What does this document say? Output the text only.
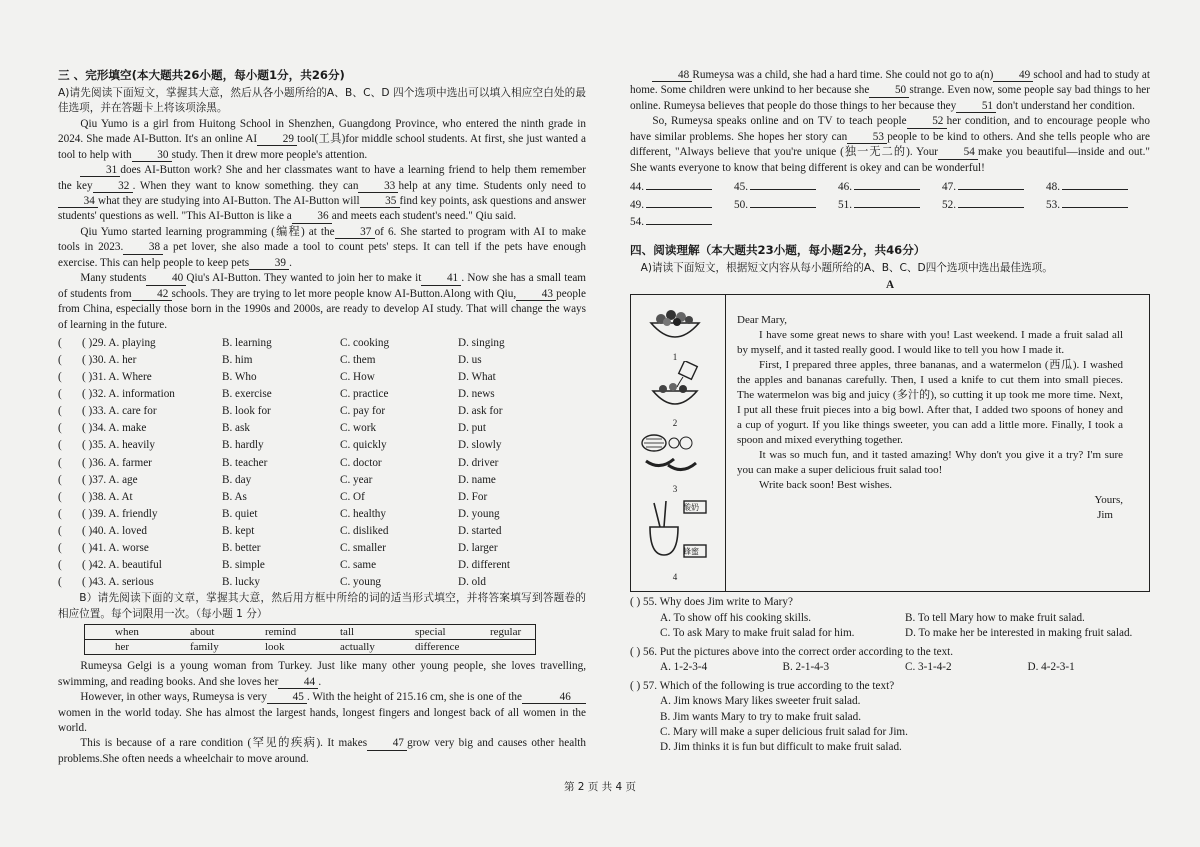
三 、完形填空(本大题共26小题，每小题1分，共26分)

A)请先阅读下面短文，掌握其大意，然后从各小题所给的A、B、C、D 四个选项中选出可以填入相应空白处的最佳选项，并在答题卡上将该项涂黑。

Qiu Yumo is a girl from Huitong School in Shenzhen, Guangdong Province, who entered the ninth grade in 2024. She made AI-Button. It's an online AI 29 tool(工具)for middle school students. At first, she just wanted a tool to help with 30 study. Then it drew more people's attention.

31 does AI-Button work? She and her classmates want to have a learning friend to help them remember the key 32 . When they want to know something. they can 33 help at any time. Students only need to34 what they are studying into AI-Button. The AI-Button will 35 find key points, ask questions and answer students' questions as well. "This AI-Button is like a 36 and meets each student's need." Qiu said.

Qiu Yumo started learning programming (编程) at the 37 of 6. She started to program with AI to make tools in 2023. 38 a pet lover, she also made a tool to count pets' steps. It can tell if the pets have enough exercise. This can help people to keep pets 39 .

Many students 40 Qiu's AI-Button. They wanted to join her to make it 41 . Now she has a small team of students from 42 schools. They are trying to let more people know AI-Button.Along with Qiu, 43 people from China, especially those born in the 1990s and 2000s, are ready to develop AI study. That will change the ways of learning in the future.

(	( )29. A. playing	B. learning	C. cooking	D. singing
(	( )30. A. her	B. him	C. them	D. us
(	( )31. A. Where	B. Who	C. How	D. What
(	( )32. A. information	B. exercise	C. practice	D. news
(	( )33. A. care for	B. look for	C. pay for	D. ask for
(	( )34. A. make	B. ask	C. work	D. put
(	( )35. A. heavily	B. hardly	C. quickly	D. slowly
(	( )36. A. farmer	B. teacher	C. doctor	D. driver
(	( )37. A. age	B. day	C. year	D. name
(	( )38. A. At	B. As	C. Of	D. For
(	( )39. A. friendly	B. quiet	C. healthy	D. young
(	( )40. A. loved	B. kept	C. disliked	D. started
(	( )41. A. worse	B. better	C. smaller	D. larger
(	( )42. A. beautiful	B. simple	C. same	D. different
(	( )43. A. serious	B. lucky	C. young	D. old

B）请先阅读下面的文章，掌握其大意，然后用方框中所给的词的适当形式填空，并将答案填写到答题卷的 相应位置。每个词限用一次。（每小题 1 分）

when	about	remind	tall	special	regular
her	family	look	actually	difference

Rumeysa Gelgi is a young woman from Turkey. Just like many other young people, she loves travelling, swimming, and reading books. And she loves her 44 .

However, in other ways, Rumeysa is very 45 . With the height of 215.16 cm, she is one of the	46women in the world today. She has almost the largest hands, longest fingers and longest back of all women in the world.

This is because of a rare condition (罕见的疾病). It makes 47 grow very big and causes other health problems.She often needs a wheelchair to move around.

48 Rumeysa was a child, she had a hard time. She could not go to a(n) 49 school and had to study at home. Some children were unkind to her because she 50 strange. Even now, some people say bad things to her online. Rumeysa believes that people do those things to her because they 51 don't understand her condition.

So, Rumeysa speaks online and on TV to teach people 52 her condition, and to encourage people who have similar problems. She hopes her story can 53 people to be kind to others. And she tells people who are different, "Always believe that you're unique (独一无二的). Your 54 make you beautiful—inside and out." She wants everyone to know that being different is okey and can be wonderful!

44.	45.	46.	47.	48.
49.	50.	51.	52.	53.
54.
四、阅读理解（本大题共23小题，每小题2分，共46分）

A)请读下面短文，根据短文内容从每小题所给的A、B、C、D四个选项中选出最佳选项。

A
1
2
3
4
酸奶
蜂蜜

Dear Mary,

I have some great news to share with you! Last weekend. I made a fruit salad all by myself, and it tasted really good. I would like to tell you how I made it.

First, I prepared three apples, three bananas, and a watermelon (西瓜). I washed the apples and bananas carefully. Then, I used a knife to cut them into small pieces. The watermelon was big and juicy (多汁的), so cutting it up took me more time. Next, I put all these fruit pieces into a big bowl. After that, I added two spoons of honey and a cup of yogurt. If you like things sweeter, you can add a little more. Finally, I took a spoon and mixed everything together.

It was so much fun, and it tasted amazing! Why don't you give it a try? I'm sure you can make a super delicious fruit salad too!

Write back soon! Best wishes.

Yours,

Jim

( ) 55. Why does Jim write to Mary?
A. To show off his cooking skills.	B. To tell Mary how to make fruit salad.
C. To ask Mary to make fruit salad for him.	D. To make her be interested in making fruit salad.
( ) 56. Put the pictures above into the correct order according to the text.
A. 1-2-3-4	B. 2-1-4-3	C. 3-1-4-2	D. 4-2-3-1
( ) 57. Which of the following is true according to the text?
A. Jim knows Mary likes sweeter fruit salad.
B. Jim wants Mary to try to make fruit salad.
C. Mary will make a super delicious fruit salad for Jim.
D. Jim thinks it is fun but difficult to make fruit salad.
第 2 页 共 4 页
